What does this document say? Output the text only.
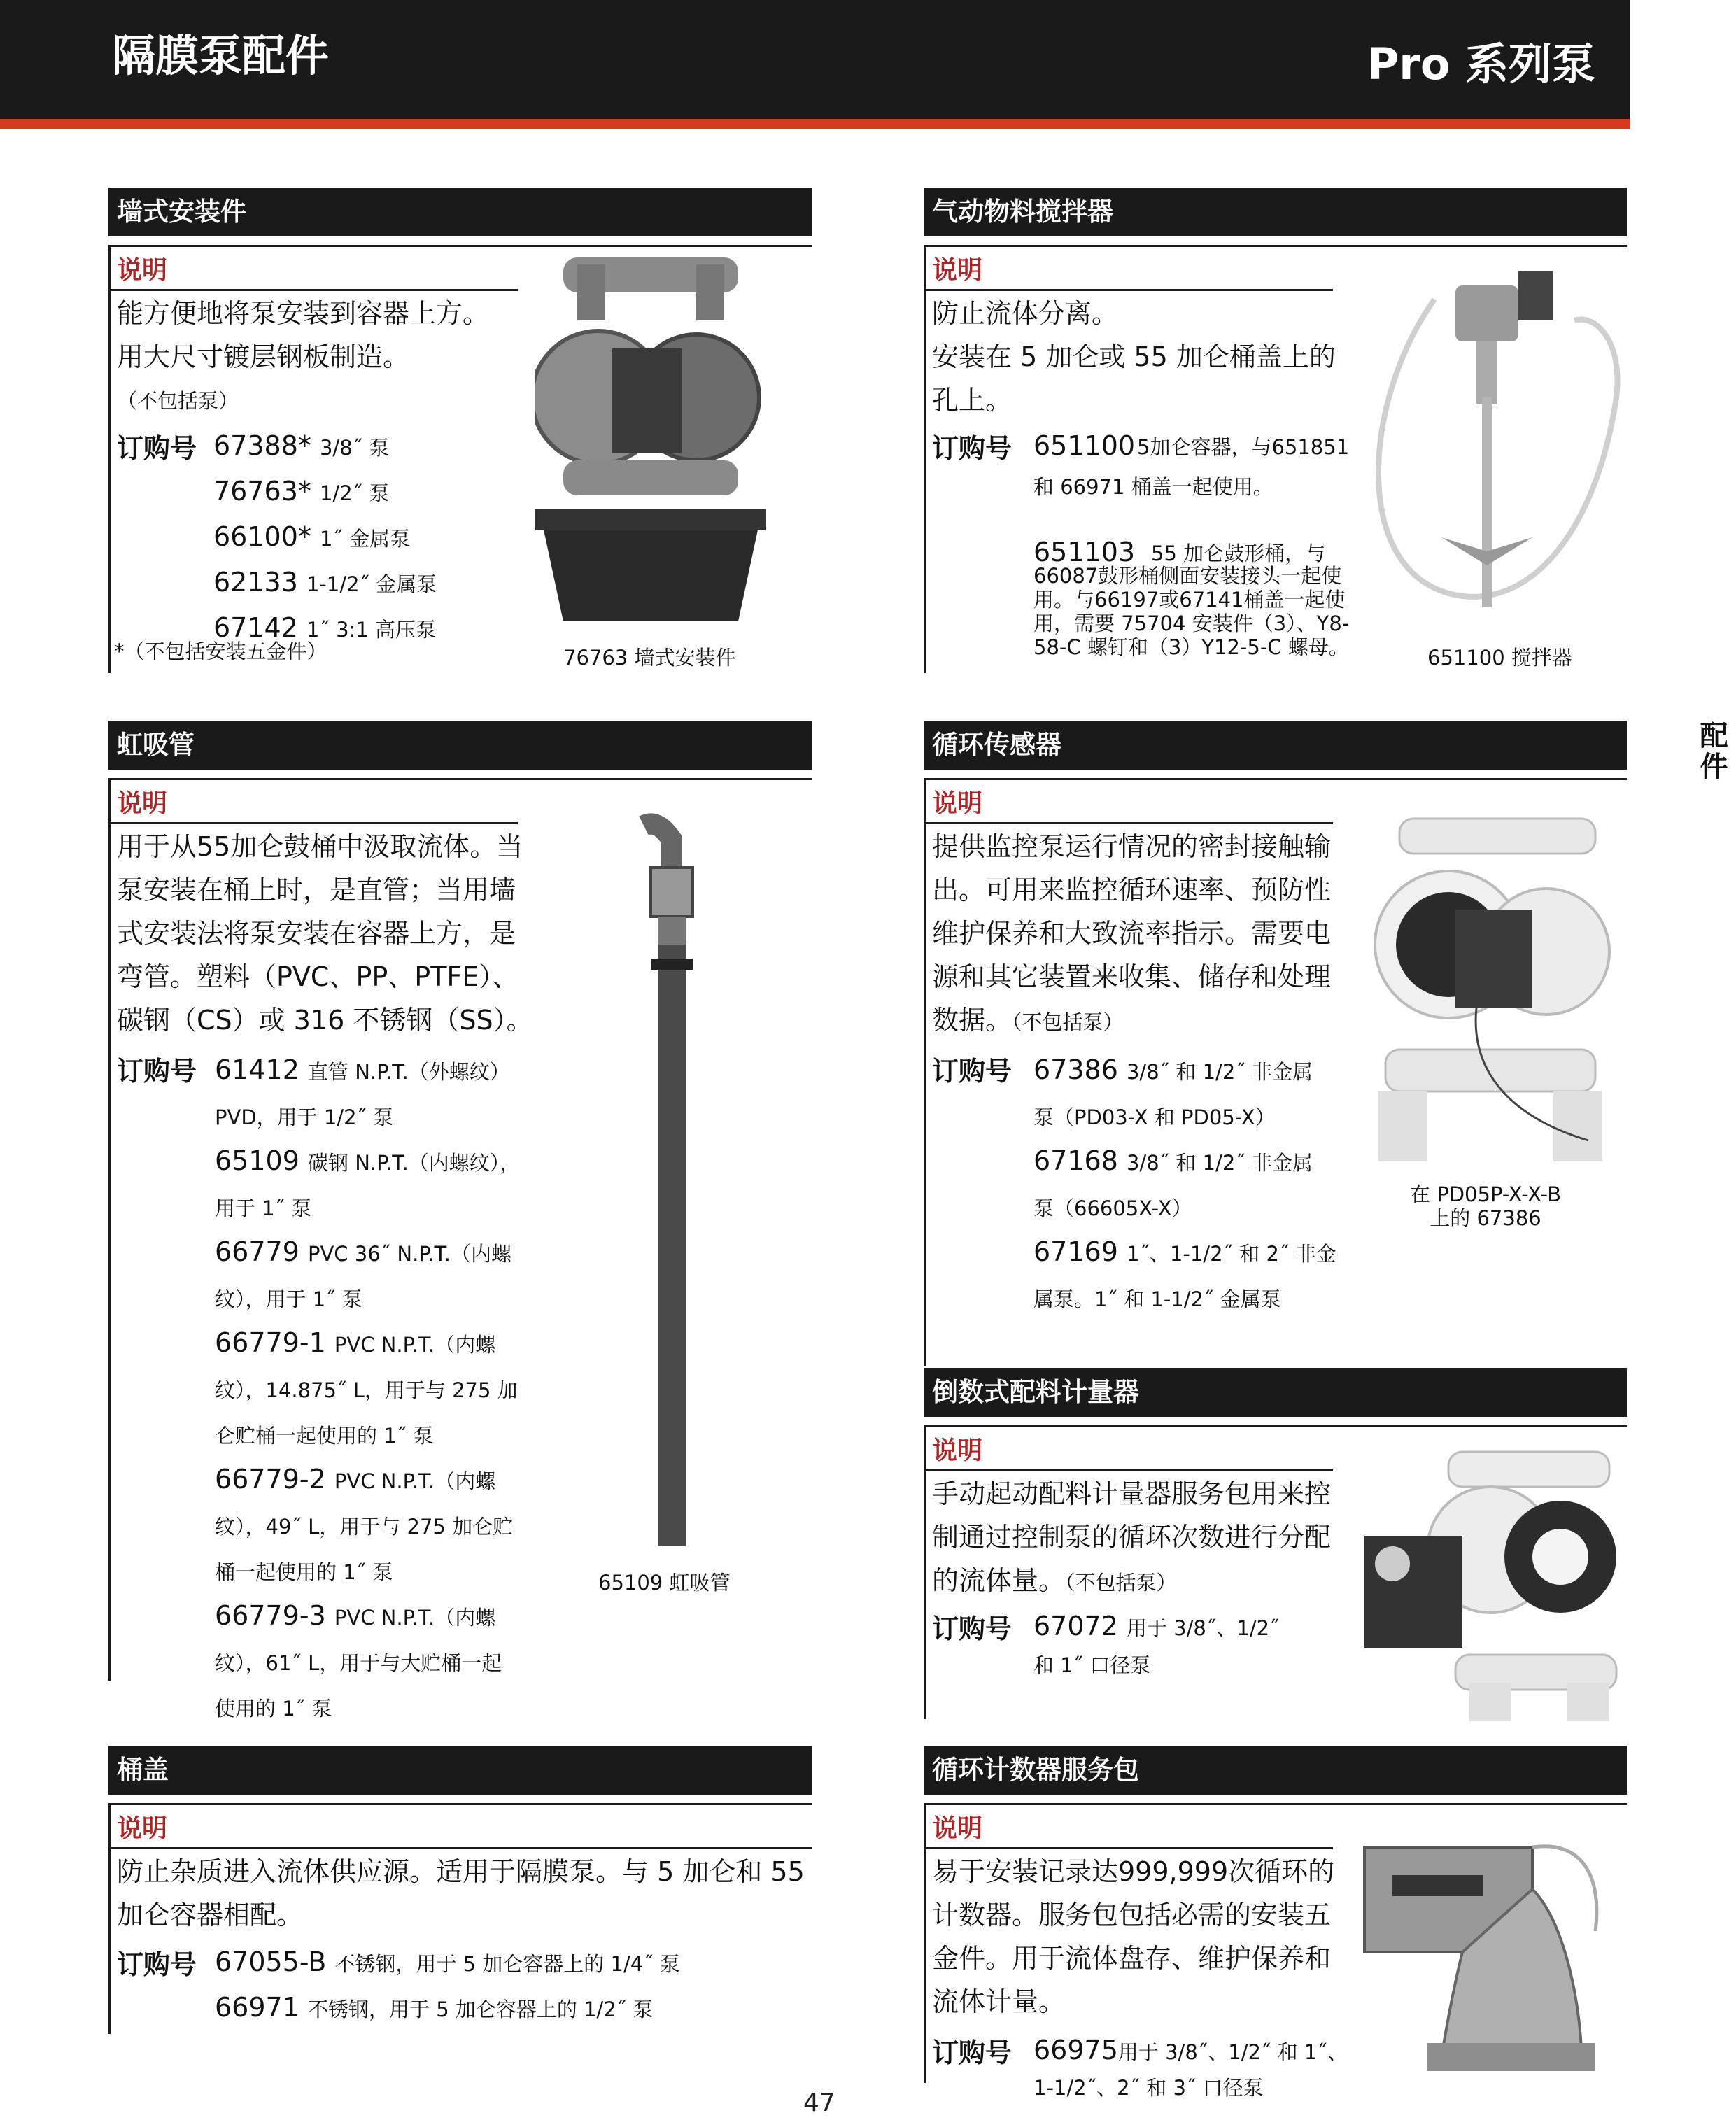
隔膜泵配件	Pro 系列泵
配件
墙式安装件
说明
能方便地将泵安装到容器上方。
用大尺寸镀层钢板制造。
（不包括泵）
订购号 67388* 3/8˝ 泵
76763* 1/2˝ 泵
66100* 1˝ 金属泵
62133 1-1/2˝ 金属泵
67142 1˝ 3:1 高压泵
*（不包括安装五金件）	76763 墙式安装件
气动物料搅拌器
说明
防止流体分离。
安装在 5 加仑或 55 加仑桶盖上的
孔上。
订购号 651100 5加仑容器，与651851
和 66971 桶盖一起使用。
651103 55 加仑鼓形桶，与
66087鼓形桶侧面安装接头一起使
用。与66197或67141桶盖一起使
用，需要 75704 安装件（3）、Y8-
58-C 螺钉和（3）Y12-5-C 螺母。	651100 搅拌器
虹吸管
说明
用于从55加仑鼓桶中汲取流体。当
泵安装在桶上时，是直管；当用墙
式安装法将泵安装在容器上方，是
弯管。塑料（PVC、PP、PTFE）、
碳钢（CS）或 316 不锈钢（SS）。
订购号 61412 直管 N.P.T.（外螺纹）
PVD，用于 1/2˝ 泵
65109 碳钢 N.P.T.（内螺纹），
用于 1˝ 泵
66779 PVC 36˝ N.P.T.（内螺
纹），用于 1˝ 泵
66779-1 PVC N.P.T.（内螺
纹），14.875˝ L，用于与 275 加
仑贮桶一起使用的 1˝ 泵
66779-2 PVC N.P.T.（内螺
纹），49˝ L，用于与 275 加仑贮
桶一起使用的 1˝ 泵
66779-3 PVC N.P.T.（内螺
纹），61˝ L，用于与大贮桶一起
使用的 1˝ 泵
65109 虹吸管
循环传感器
说明
提供监控泵运行情况的密封接触输
出。可用来监控循环速率、预防性
维护保养和大致流率指示。需要电
源和其它装置来收集、储存和处理
数据。（不包括泵）
订购号 67386 3/8˝ 和 1/2˝ 非金属
泵（PD03-X 和 PD05-X）
67168 3/8˝ 和 1/2˝ 非金属
泵（66605X-X）
67169 1˝、1-1/2˝ 和 2˝ 非金
属泵。1˝ 和 1-1/2˝ 金属泵
在 PD05P-X-X-B
上的 67386
倒数式配料计量器
说明
手动起动配料计量器服务包用来控
制通过控制泵的循环次数进行分配
的流体量。（不包括泵）
订购号 67072 用于 3/8˝、1/2˝
和 1˝ 口径泵
桶盖
说明
防止杂质进入流体供应源。适用于隔膜泵。与 5 加仑和 55
加仑容器相配。
订购号 67055-B 不锈钢，用于 5 加仑容器上的 1/4˝ 泵
66971 不锈钢，用于 5 加仑容器上的 1/2˝ 泵
循环计数器服务包
说明
易于安装记录达999,999次循环的
计数器。服务包包括必需的安装五
金件。用于流体盘存、维护保养和
流体计量。
订购号 66975用于 3/8˝、1/2˝ 和 1˝、
1-1/2˝、2˝ 和 3˝ 口径泵
47
